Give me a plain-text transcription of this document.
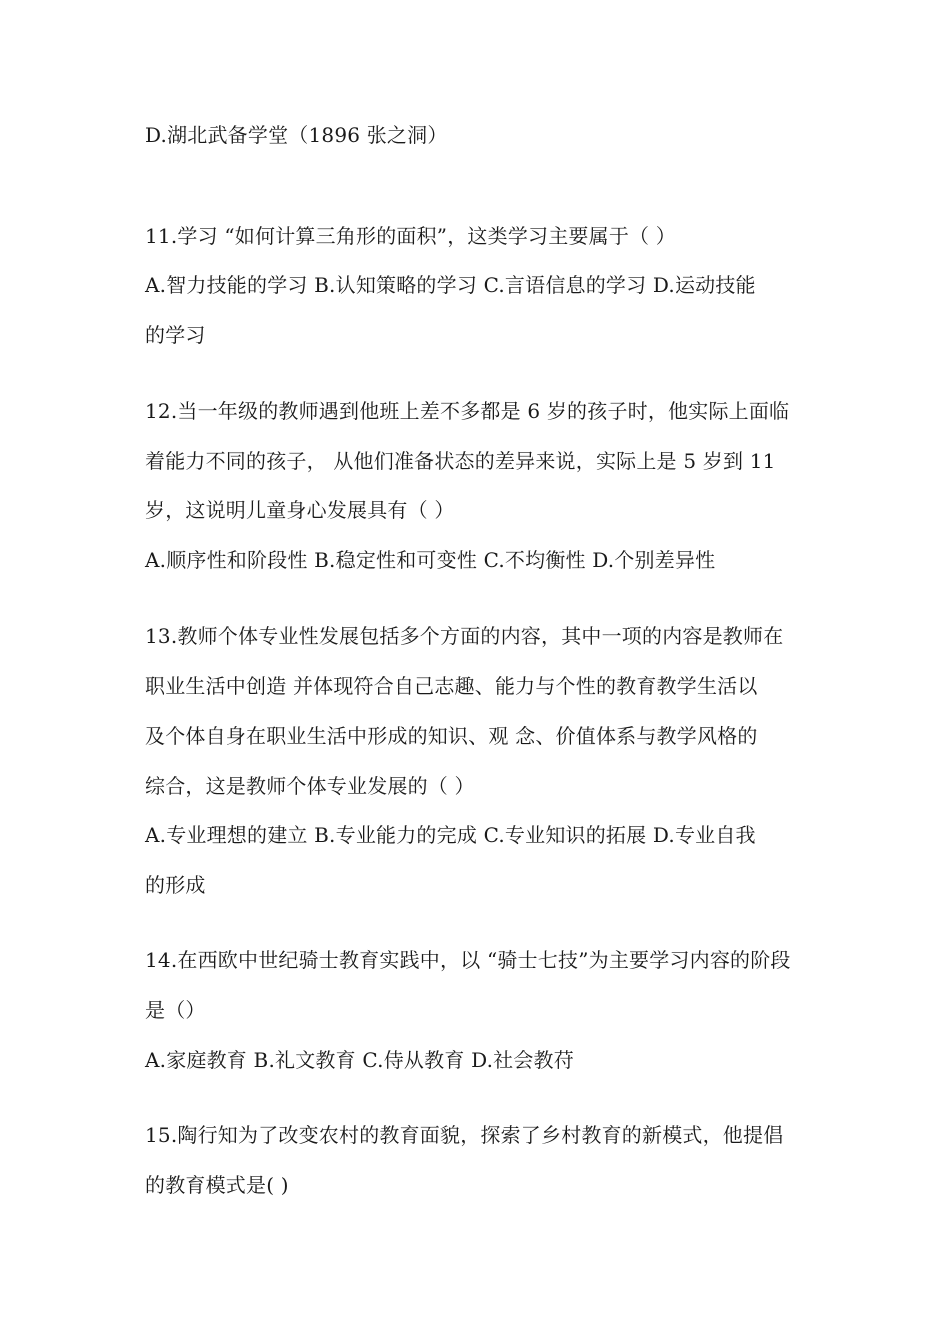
D.湖北武备学堂（1896 张之洞）
11.学习 “如何计算三角形的面积”，这类学习主要属于（ ）
A.智力技能的学习 B.认知策略的学习 C.言语信息的学习 D.运动技能
的学习
12.当一年级的教师遇到他班上差不多都是 6 岁的孩子时，他实际上面临
着能力不同的孩子， 从他们准备状态的差异来说，实际上是 5 岁到 11
岁，这说明儿童身心发展具有（ ）
A.顺序性和阶段性 B.稳定性和可变性 C.不均衡性 D.个别差异性
13.教师个体专业性发展包括多个方面的内容，其中一项的内容是教师在
职业生活中创造 并体现符合自己志趣、能力与个性的教育教学生活以
及个体自身在职业生活中形成的知识、观 念、价值体系与教学风格的
综合，这是教师个体专业发展的（ ）
A.专业理想的建立 B.专业能力的完成 C.专业知识的拓展 D.专业自我
的形成
14.在西欧中世纪骑士教育实践中，以 “骑士七技”为主要学习内容的阶段
是（）
A.家庭教育 B.礼文教育 C.侍从教育 D.社会教苻
15.陶行知为了改变农村的教育面貌，探索了乡村教育的新模式，他提倡
的教育模式是( )
